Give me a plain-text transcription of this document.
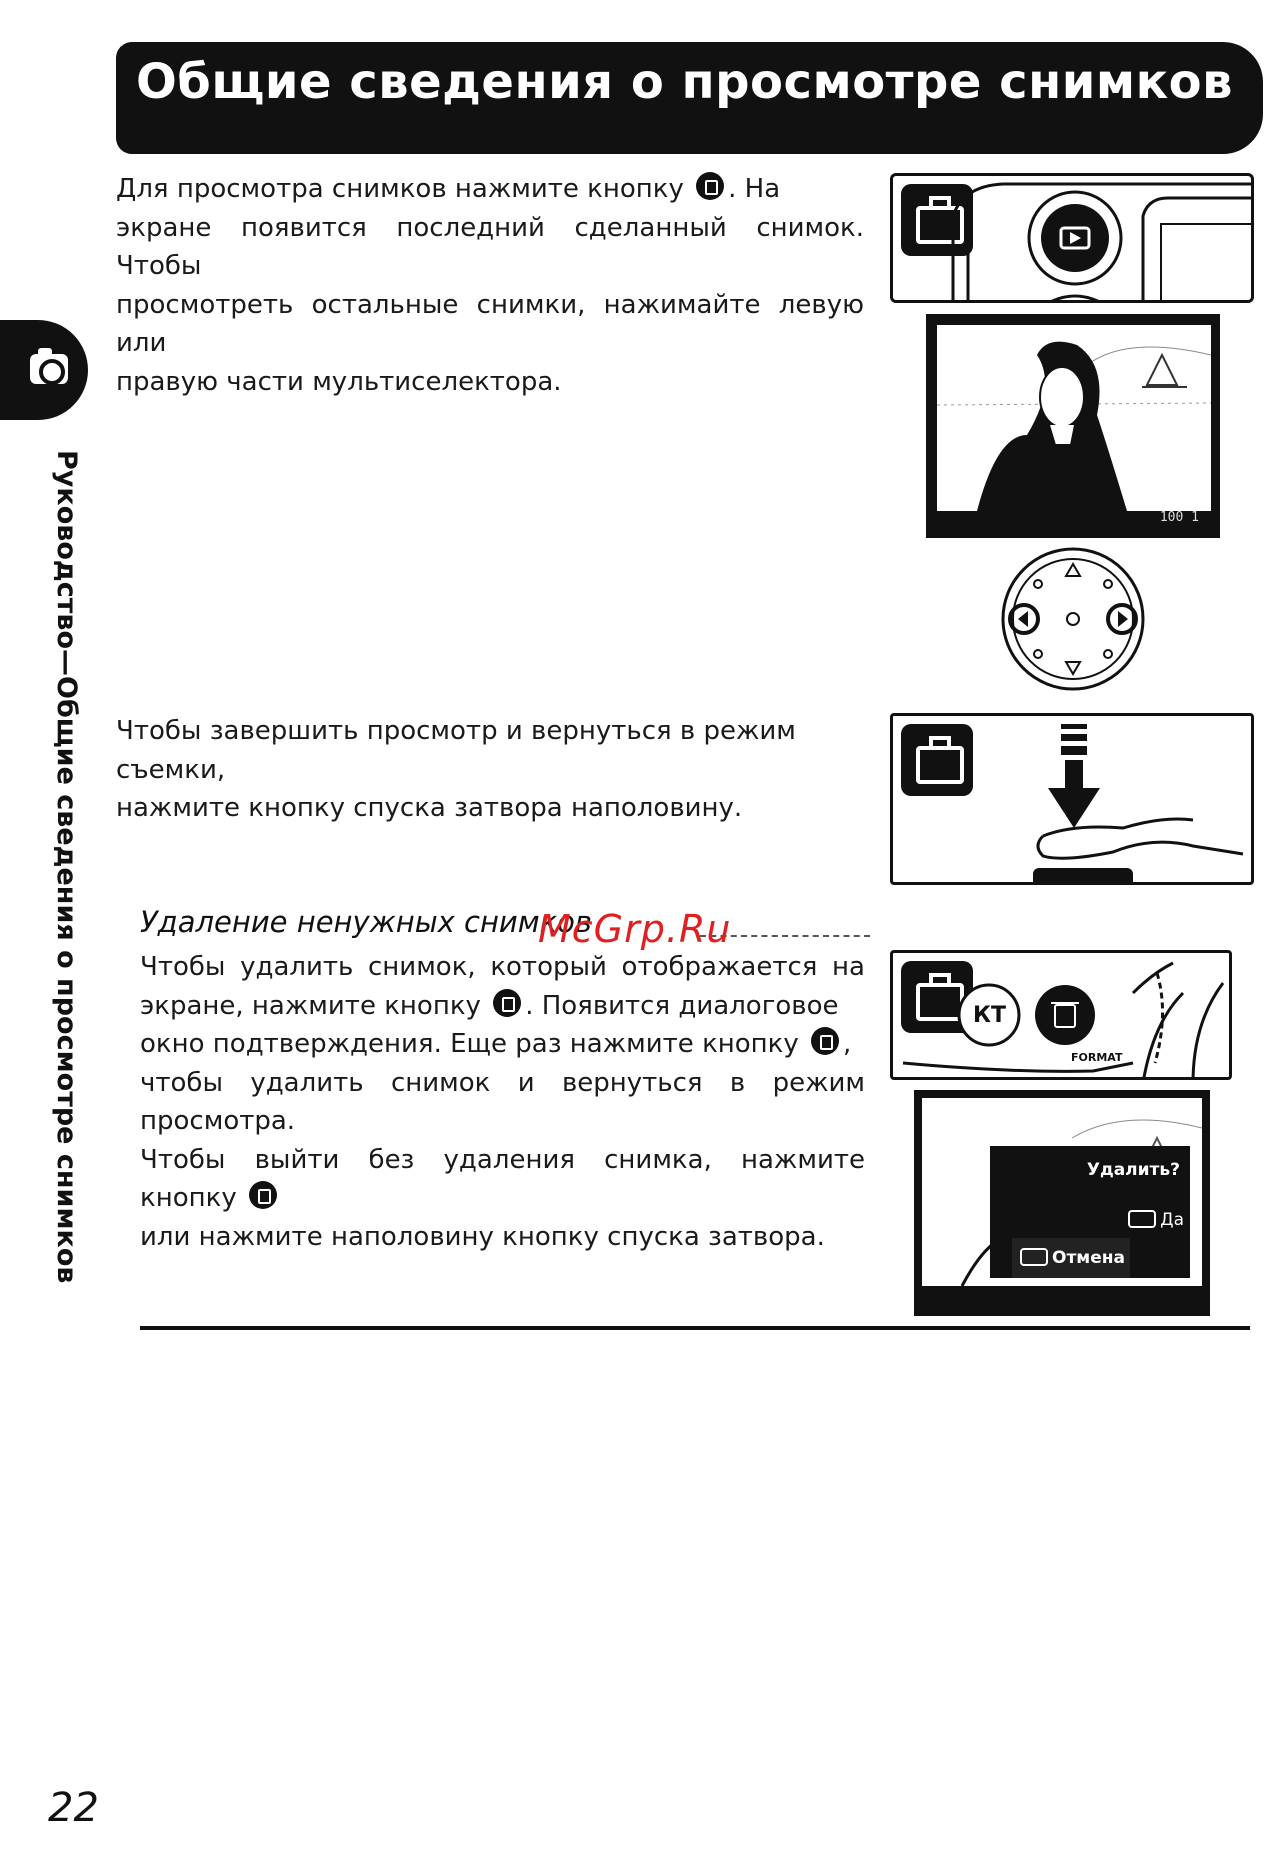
Общие сведения о просмотре снимков
Руководство—Общие сведения о просмотре снимков
Для просмотра снимков нажмите кнопку . На
экране появится последний сделанный снимок. Чтобы
просмотреть остальные снимки, нажимайте левую или
правую части мультиселектора.
100 1
Чтобы завершить просмотр и вернуться в режим съемки,
нажмите кнопку спуска затвора наполовину.
Удаление ненужных снимков
McGrp.Ru
Чтобы удалить снимок, который отображается на
экране, нажмите кнопку . Появится диалоговое
окно подтверждения. Еще раз нажмите кнопку ,
чтобы удалить снимок и вернуться в режим просмотра.
Чтобы выйти без удаления снимка, нажмите кнопку
или нажмите наполовину кнопку спуска затвора.
КТ
FORMAT
Удалить?
Да
Отмена
22
